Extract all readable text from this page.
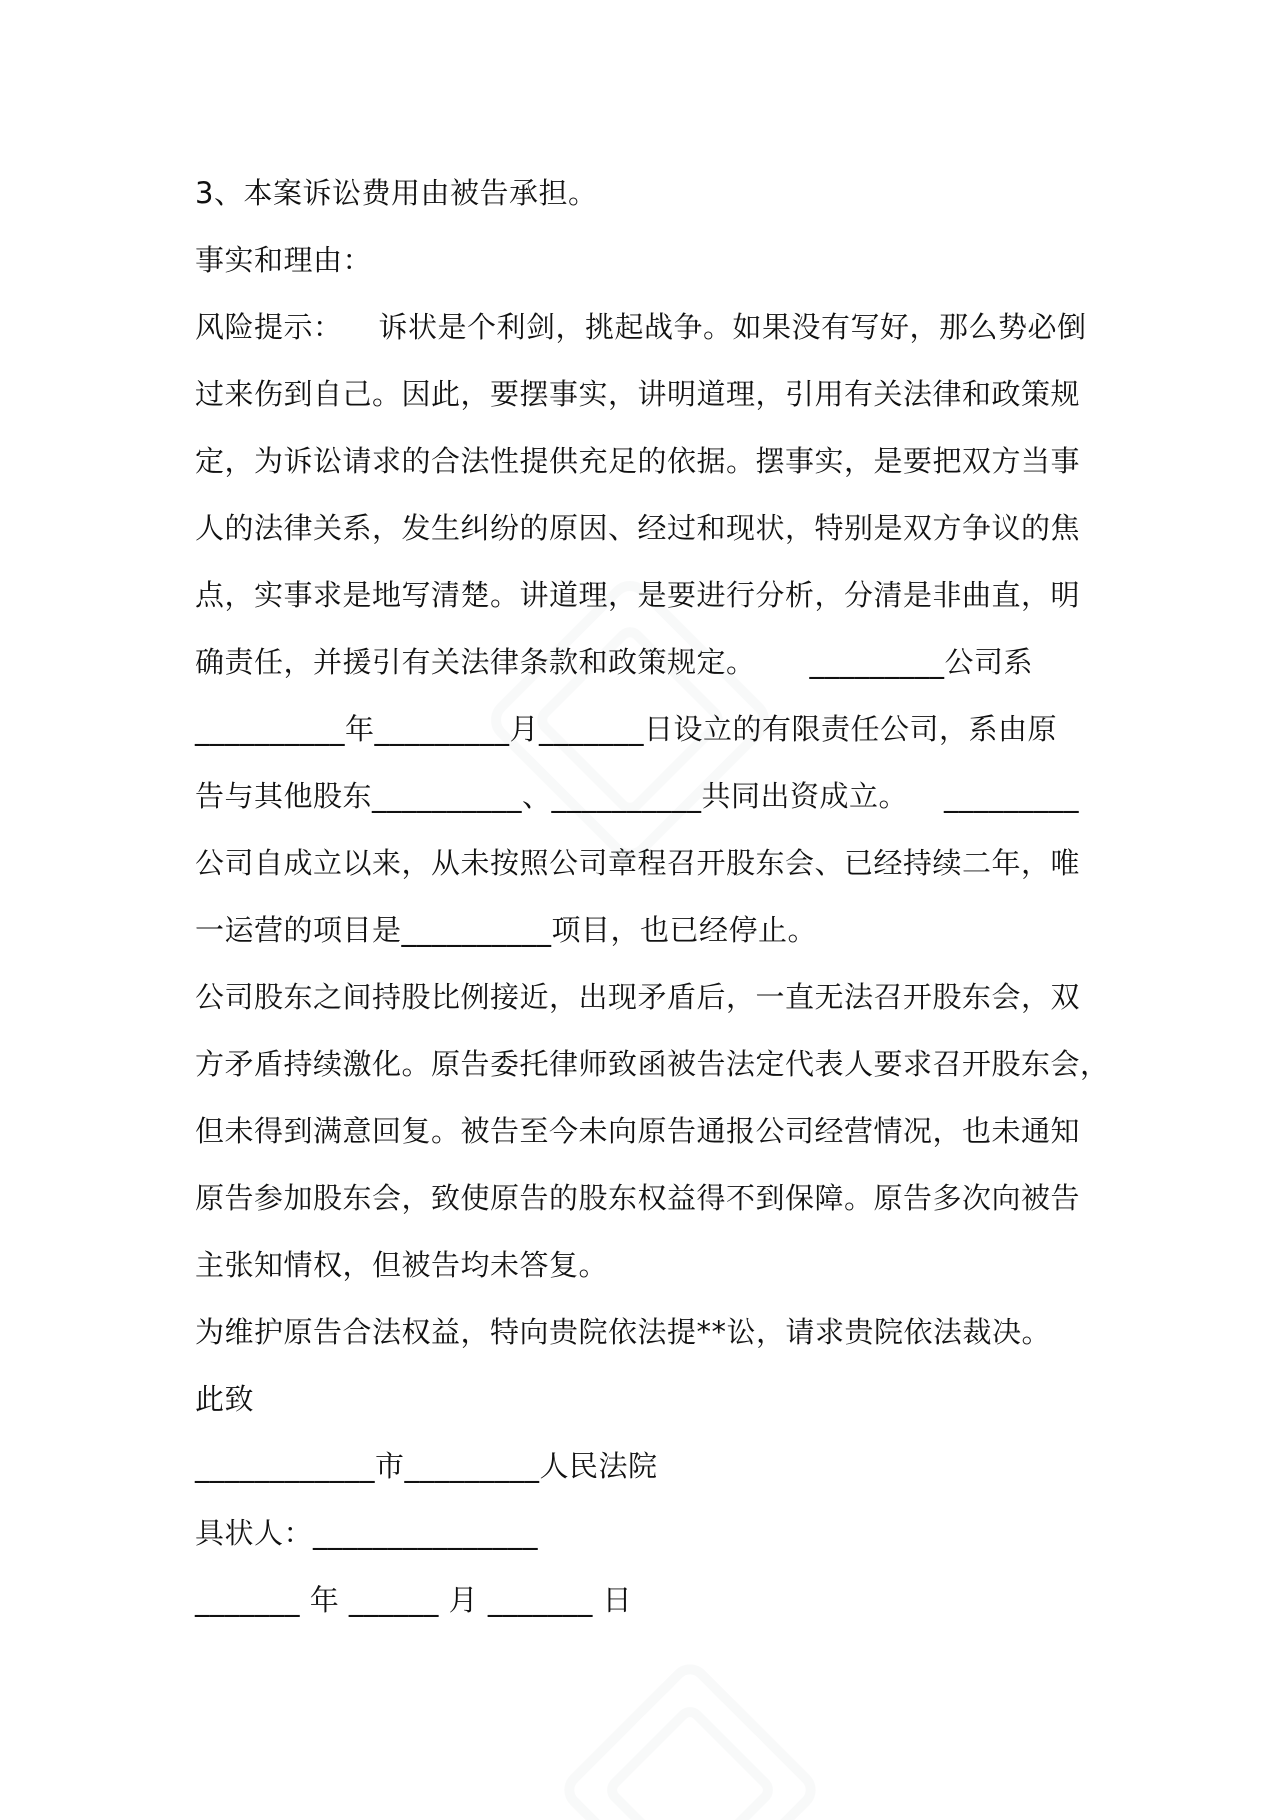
3、本案诉讼费用由被告承担。
事实和理由：
风险提示： 诉状是个利剑，挑起战争。如果没有写好，那么势必倒
过来伤到自己。因此，要摆事实，讲明道理，引用有关法律和政策规
定，为诉讼请求的合法性提供充足的依据。摆事实，是要把双方当事
人的法律关系，发生纠纷的原因、经过和现状，特别是双方争议的焦
点，实事求是地写清楚。讲道理，是要进行分析，分清是非曲直，明
确责任，并援引有关法律条款和政策规定。 _________公司系
__________年_________月_______日设立的有限责任公司，系由原
告与其他股东__________、__________共同出资成立。 _________
公司自成立以来，从未按照公司章程召开股东会、已经持续二年，唯
一运营的项目是__________项目，也已经停止。
公司股东之间持股比例接近，出现矛盾后，一直无法召开股东会，双
方矛盾持续激化。原告委托律师致函被告法定代表人要求召开股东会，
但未得到满意回复。被告至今未向原告通报公司经营情况，也未通知
原告参加股东会，致使原告的股东权益得不到保障。原告多次向被告
主张知情权，但被告均未答复。
为维护原告合法权益，特向贵院依法提**讼，请求贵院依法裁决。
此致
____________市_________人民法院
具状人：_______________
_______ 年 ______ 月 _______ 日
